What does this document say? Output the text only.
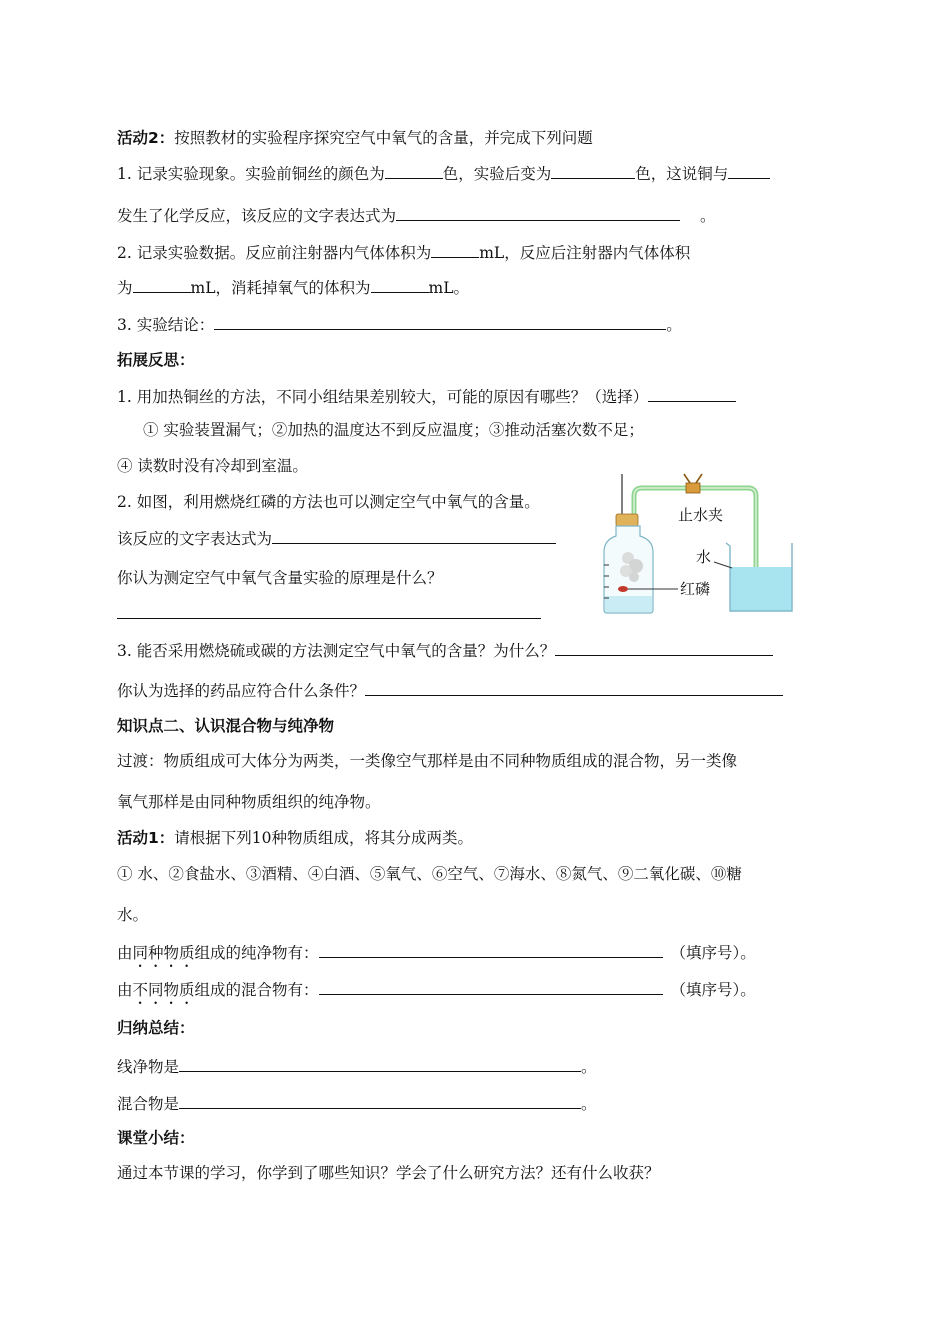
活动2：按照教材的实验程序探究空气中氧气的含量，并完成下列问题
1. 记录实验现象。实验前铜丝的颜色为	色，实验后变为	色，这说铜与
发生了化学反应，该反应的文字表达式为	。
2. 记录实验数据。反应前注射器内气体体积为	mL，反应后注射器内气体体积
为	mL，消耗掉氧气的体积为	mL。
3. 实验结论：	。
拓展反思：
1. 用加热铜丝的方法，不同小组结果差别较大，可能的原因有哪些？（选择）
① 实验装置漏气；②加热的温度达不到反应温度；③推动活塞次数不足；
④ 读数时没有冷却到室温。
2. 如图，利用燃烧红磷的方法也可以测定空气中氧气的含量。
该反应的文字表达式为
你认为测定空气中氧气含量实验的原理是什么？
红磷
止水夹
水
3. 能否采用燃烧硫或碳的方法测定空气中氧气的含量？为什么？
你认为选择的药品应符合什么条件？
知识点二、认识混合物与纯净物
过渡：物质组成可大体分为两类，一类像空气那样是由不同种物质组成的混合物，另一类像
氧气那样是由同种物质组织的纯净物。
活动1：请根据下列10种物质组成，将其分成两类。
① 水、②食盐水、③酒精、④白酒、⑤氧气、⑥空气、⑦海水、⑧氮气、⑨二氧化碳、⑩糖
水。
由同种物质组成的纯净物有：	（填序号）。
由不同物质组成的混合物有：	（填序号）。
归纳总结：
线净物是	。
混合物是	。
课堂小结：
通过本节课的学习，你学到了哪些知识？学会了什么研究方法？还有什么收获？
